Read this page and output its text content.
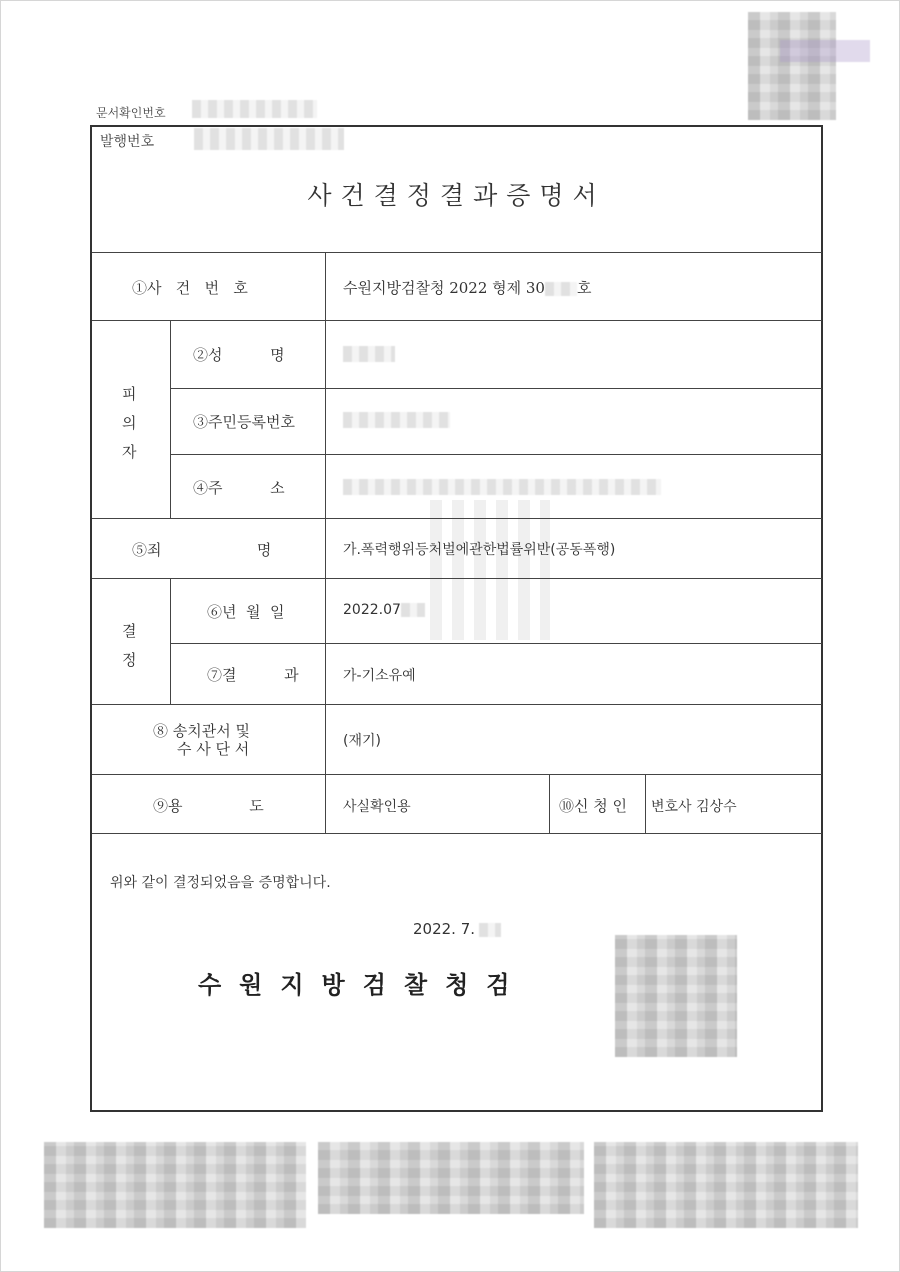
문서확인번호
발행번호
사건결정결과증명서
①사   건   번   호	수원지방검찰청 2022 형제 30 호
피
의
자
②성          명
③주민등록번호
④주          소
⑤죄                    명	가.폭력행위등처벌에관한법률위반(공동폭행)
결
정
⑥년  월  일	2022.07
⑦결          과	가-기소유예
⑧ 송치관서 및
수 사 단 서	(재기)
⑨용              도	사실확인용	⑩신 청 인 변호사 김상수
위와 같이 결정되었음을 증명합니다.
2022. 7.
수원지방검찰청검
